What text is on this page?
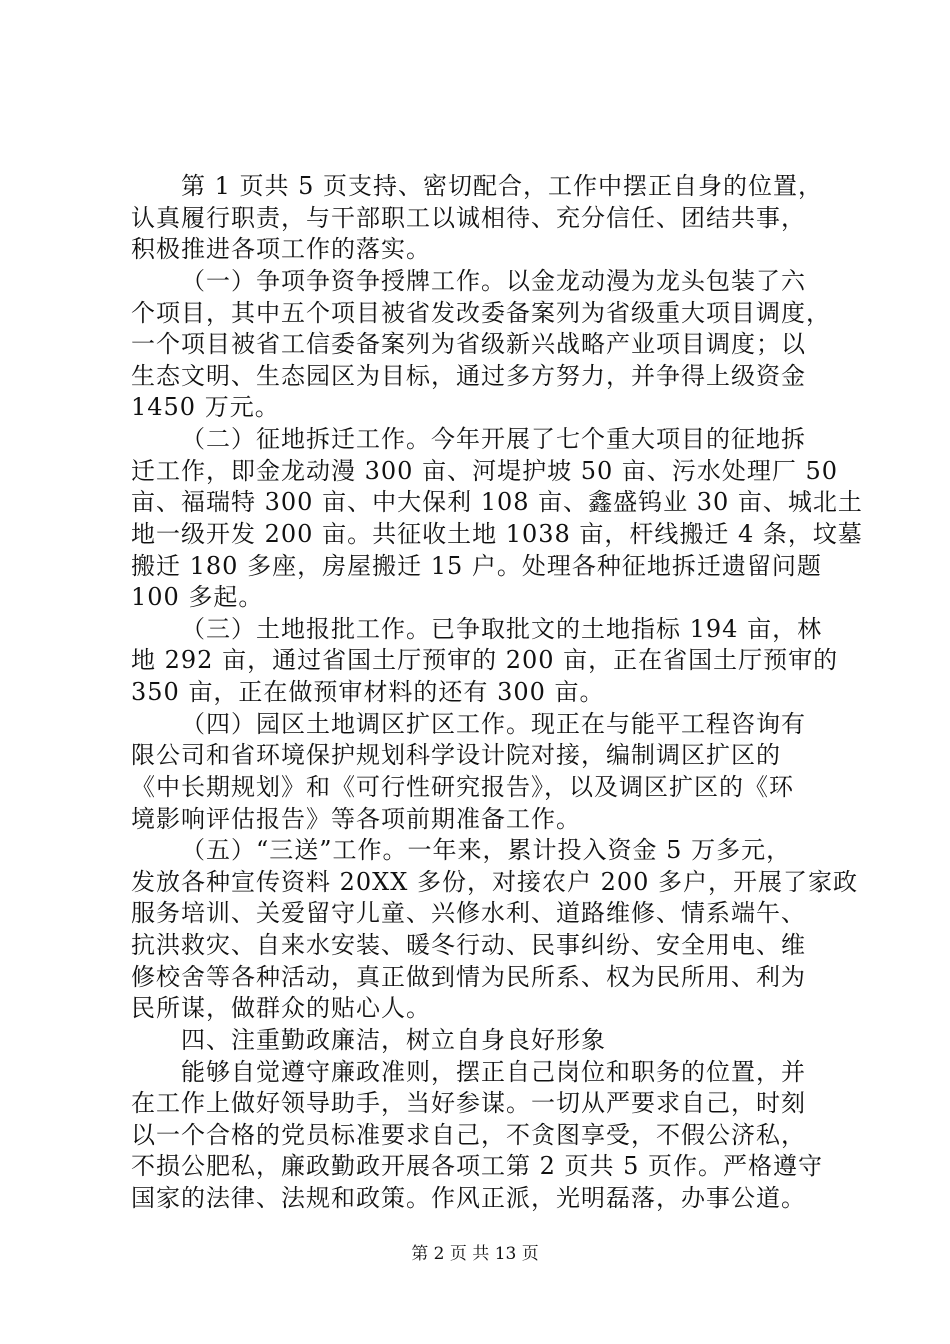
第 1 页共 5 页支持、密切配合，工作中摆正自身的位置，
认真履行职责，与干部职工以诚相待、充分信任、团结共事，
积极推进各项工作的落实。
（一）争项争资争授牌工作。以金龙动漫为龙头包装了六
个项目，其中五个项目被省发改委备案列为省级重大项目调度，
一个项目被省工信委备案列为省级新兴战略产业项目调度；以
生态文明、生态园区为目标，通过多方努力，并争得上级资金
1450 万元。
（二）征地拆迁工作。今年开展了七个重大项目的征地拆
迁工作，即金龙动漫 300 亩、河堤护坡 50 亩、污水处理厂 50
亩、福瑞特 300 亩、中大保利 108 亩、鑫盛钨业 30 亩、城北土
地一级开发 200 亩。共征收土地 1038 亩，杆线搬迁 4 条，坟墓
搬迁 180 多座，房屋搬迁 15 户。处理各种征地拆迁遗留问题
100 多起。
（三）土地报批工作。已争取批文的土地指标 194 亩，林
地 292 亩，通过省国土厅预审的 200 亩，正在省国土厅预审的
350 亩，正在做预审材料的还有 300 亩。
（四）园区土地调区扩区工作。现正在与能平工程咨询有
限公司和省环境保护规划科学设计院对接，编制调区扩区的
《中长期规划》和《可行性研究报告》，以及调区扩区的《环
境影响评估报告》等各项前期准备工作。
（五）“三送”工作。一年来，累计投入资金 5 万多元，
发放各种宣传资料 20XX 多份，对接农户 200 多户，开展了家政
服务培训、关爱留守儿童、兴修水利、道路维修、情系端午、
抗洪救灾、自来水安装、暖冬行动、民事纠纷、安全用电、维
修校舍等各种活动，真正做到情为民所系、权为民所用、利为
民所谋，做群众的贴心人。
四、注重勤政廉洁，树立自身良好形象
能够自觉遵守廉政准则，摆正自己岗位和职务的位置，并
在工作上做好领导助手，当好参谋。一切从严要求自己，时刻
以一个合格的党员标准要求自己，不贪图享受，不假公济私，
不损公肥私，廉政勤政开展各项工第 2 页共 5 页作。严格遵守
国家的法律、法规和政策。作风正派，光明磊落，办事公道。
第 2 页 共 13 页
